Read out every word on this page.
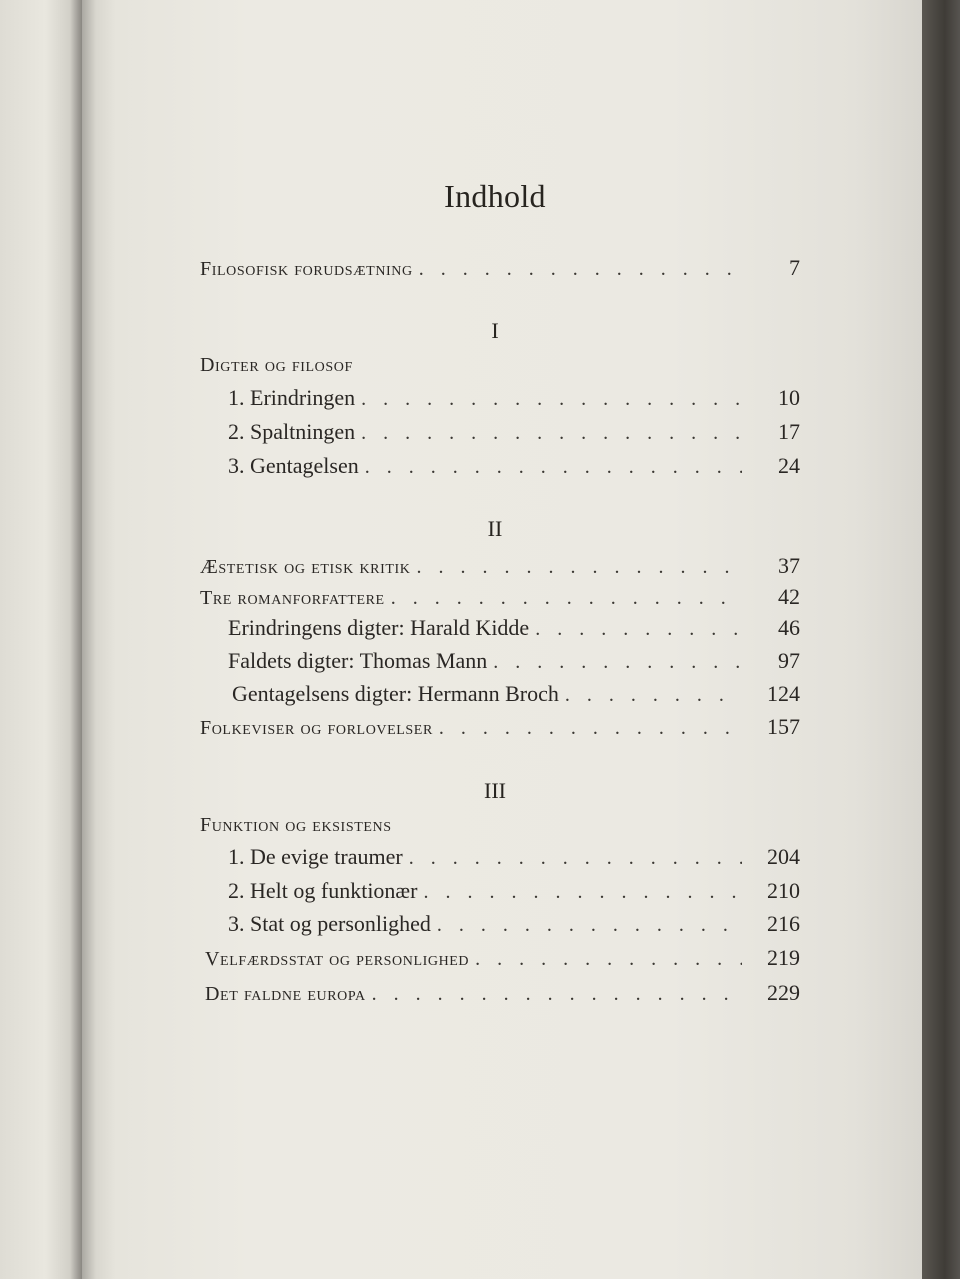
Indhold
Filosofisk forudsætning . . .	7
I
Digter og filosof
1. Erindringen . . .	10
2. Spaltningen . . .	17
3. Gentagelsen . . .	24
II
Æstetisk og etisk kritik . . .	37
Tre romanforfattere . . .	42
Erindringens digter: Harald Kidde . . .	46
Faldets digter: Thomas Mann . . .	97
Gentagelsens digter: Hermann Broch . . .	124
Folkeviser og forlovelser . . .	157
III
Funktion og eksistens
1. De evige traumer . . .	204
2. Helt og funktionær . . .	210
3. Stat og personlighed . . .	216
Velfærdsstat og personlighed . . .	219
Det faldne europa . . .	229
